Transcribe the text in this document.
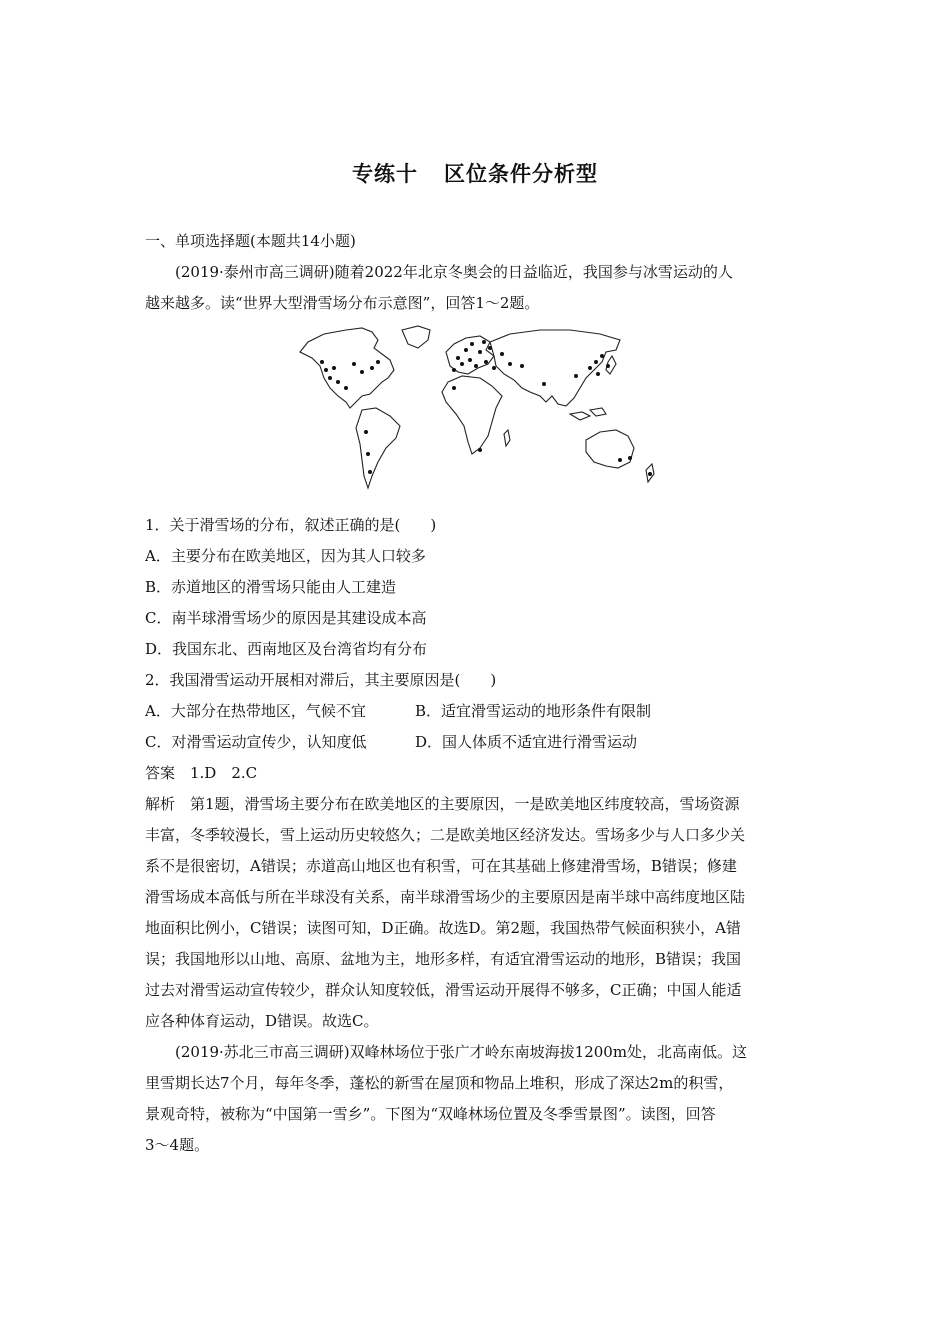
专练十 区位条件分析型
一、单项选择题(本题共14小题)
(2019·泰州市高三调研)随着2022年北京冬奥会的日益临近，我国参与冰雪运动的人
越来越多。读“世界大型滑雪场分布示意图”，回答1～2题。
1．关于滑雪场的分布，叙述正确的是(　　)
A．主要分布在欧美地区，因为其人口较多
B．赤道地区的滑雪场只能由人工建造
C．南半球滑雪场少的原因是其建设成本高
D．我国东北、西南地区及台湾省均有分布
2．我国滑雪运动开展相对滞后，其主要原因是(　　)
A．大部分在热带地区，气候不宜	B．适宜滑雪运动的地形条件有限制
C．对滑雪运动宣传少，认知度低	D．国人体质不适宜进行滑雪运动
答案　1.D　2.C
解析　第1题，滑雪场主要分布在欧美地区的主要原因，一是欧美地区纬度较高，雪场资源
丰富，冬季较漫长，雪上运动历史较悠久；二是欧美地区经济发达。雪场多少与人口多少关
系不是很密切，A错误；赤道高山地区也有积雪，可在其基础上修建滑雪场，B错误；修建
滑雪场成本高低与所在半球没有关系，南半球滑雪场少的主要原因是南半球中高纬度地区陆
地面积比例小，C错误；读图可知，D正确。故选D。第2题，我国热带气候面积狭小，A错
误；我国地形以山地、高原、盆地为主，地形多样，有适宜滑雪运动的地形，B错误；我国
过去对滑雪运动宣传较少，群众认知度较低，滑雪运动开展得不够多，C正确；中国人能适
应各种体育运动，D错误。故选C。
(2019·苏北三市高三调研)双峰林场位于张广才岭东南坡海拔1200m处，北高南低。这
里雪期长达7个月，每年冬季，蓬松的新雪在屋顶和物品上堆积，形成了深达2m的积雪，
景观奇特，被称为“中国第一雪乡”。下图为“双峰林场位置及冬季雪景图”。读图，回答
3～4题。
